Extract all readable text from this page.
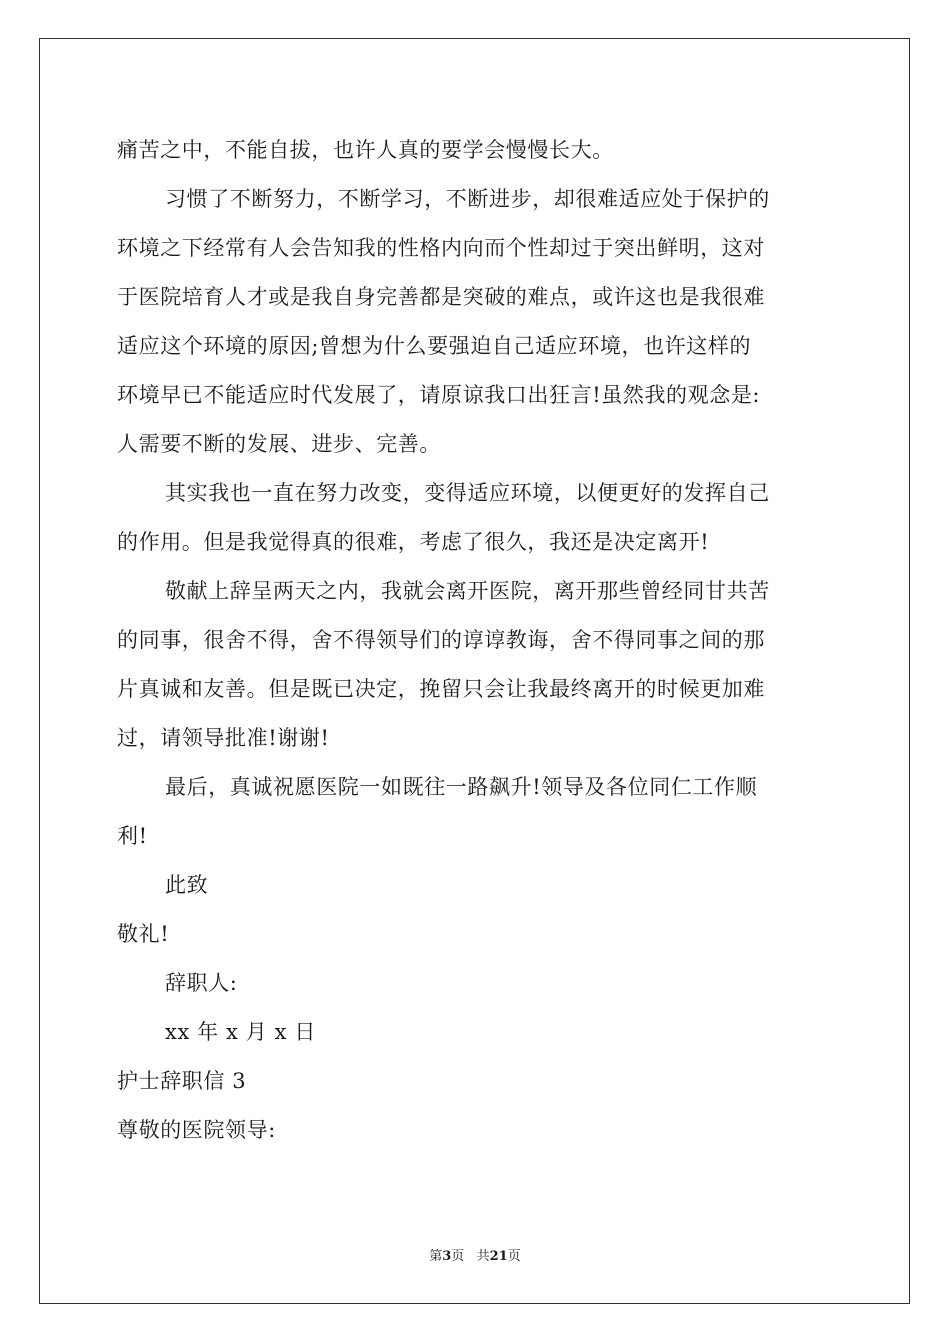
痛苦之中，不能自拔，也许人真的要学会慢慢长大。
习惯了不断努力，不断学习，不断进步，却很难适应处于保护的
环境之下经常有人会告知我的性格内向而个性却过于突出鲜明，这对
于医院培育人才或是我自身完善都是突破的难点，或许这也是我很难
适应这个环境的原因;曾想为什么要强迫自己适应环境，也许这样的
环境早已不能适应时代发展了，请原谅我口出狂言!虽然我的观念是:
人需要不断的发展、进步、完善。
其实我也一直在努力改变，变得适应环境，以便更好的发挥自己
的作用。但是我觉得真的很难，考虑了很久，我还是决定离开!
敬献上辞呈两天之内，我就会离开医院，离开那些曾经同甘共苦
的同事，很舍不得，舍不得领导们的谆谆教诲，舍不得同事之间的那
片真诚和友善。但是既已决定，挽留只会让我最终离开的时候更加难
过，请领导批准!谢谢!
最后，真诚祝愿医院一如既往一路飙升!领导及各位同仁工作顺
利!
此致
敬礼!
辞职人:
xx 年 x 月 x 日
护士辞职信 3
尊敬的医院领导:
第3页   共21页
